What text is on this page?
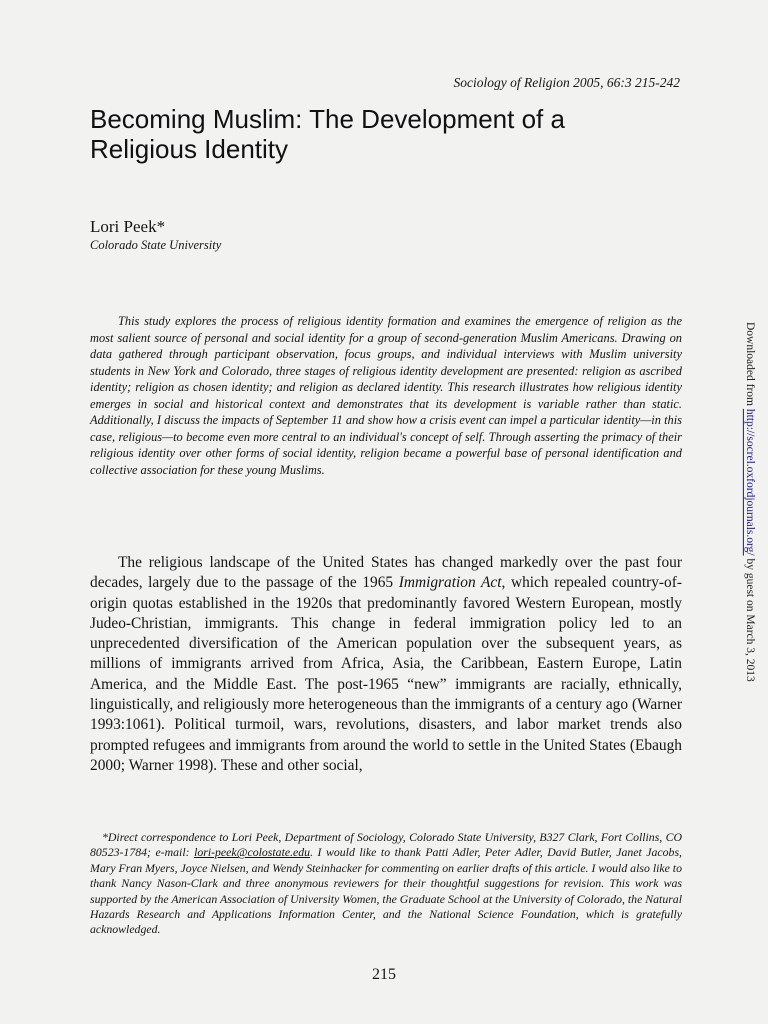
Sociology of Religion 2005, 66:3 215-242
Becoming Muslim: The Development of a Religious Identity
Lori Peek*
Colorado State University

This study explores the process of religious identity formation and examines the emergence of religion as the most salient source of personal and social identity for a group of second-generation Muslim Americans. Drawing on data gathered through participant observation, focus groups, and individual interviews with Muslim university students in New York and Colorado, three stages of religious identity development are presented: religion as ascribed identity; religion as chosen identity; and religion as declared identity. This research illustrates how religious identity emerges in social and historical context and demonstrates that its development is variable rather than static. Additionally, I discuss the impacts of September 11 and show how a crisis event can impel a particular identity—in this case, religious—to become even more central to an individual's concept of self. Through asserting the primacy of their religious identity over other forms of social identity, religion became a powerful base of personal identification and collective association for these young Muslims.

The religious landscape of the United States has changed markedly over the past four decades, largely due to the passage of the 1965 Immigration Act, which repealed country-of-origin quotas established in the 1920s that predominantly favored Western European, mostly Judeo-Christian, immigrants. This change in federal immigration policy led to an unprecedented diversification of the American population over the subsequent years, as millions of immigrants arrived from Africa, Asia, the Caribbean, Eastern Europe, Latin America, and the Middle East. The post-1965 “new” immigrants are racially, ethnically, linguistically, and religiously more heterogeneous than the immigrants of a century ago (Warner 1993:1061). Political turmoil, wars, revolutions, disasters, and labor market trends also prompted refugees and immigrants from around the world to settle in the United States (Ebaugh 2000; Warner 1998). These and other social,

*Direct correspondence to Lori Peek, Department of Sociology, Colorado State University, B327 Clark, Fort Collins, CO 80523-1784; e-mail: lori-peek@colostate.edu. I would like to thank Patti Adler, Peter Adler, David Butler, Janet Jacobs, Mary Fran Myers, Joyce Nielsen, and Wendy Steinhacker for commenting on earlier drafts of this article. I would also like to thank Nancy Nason-Clark and three anonymous reviewers for their thoughtful suggestions for revision. This work was supported by the American Association of University Women, the Graduate School at the University of Colorado, the Natural Hazards Research and Applications Information Center, and the National Science Foundation, which is gratefully acknowledged.

215
Downloaded from http://socrel.oxfordjournals.org/ by guest on March 3, 2013
